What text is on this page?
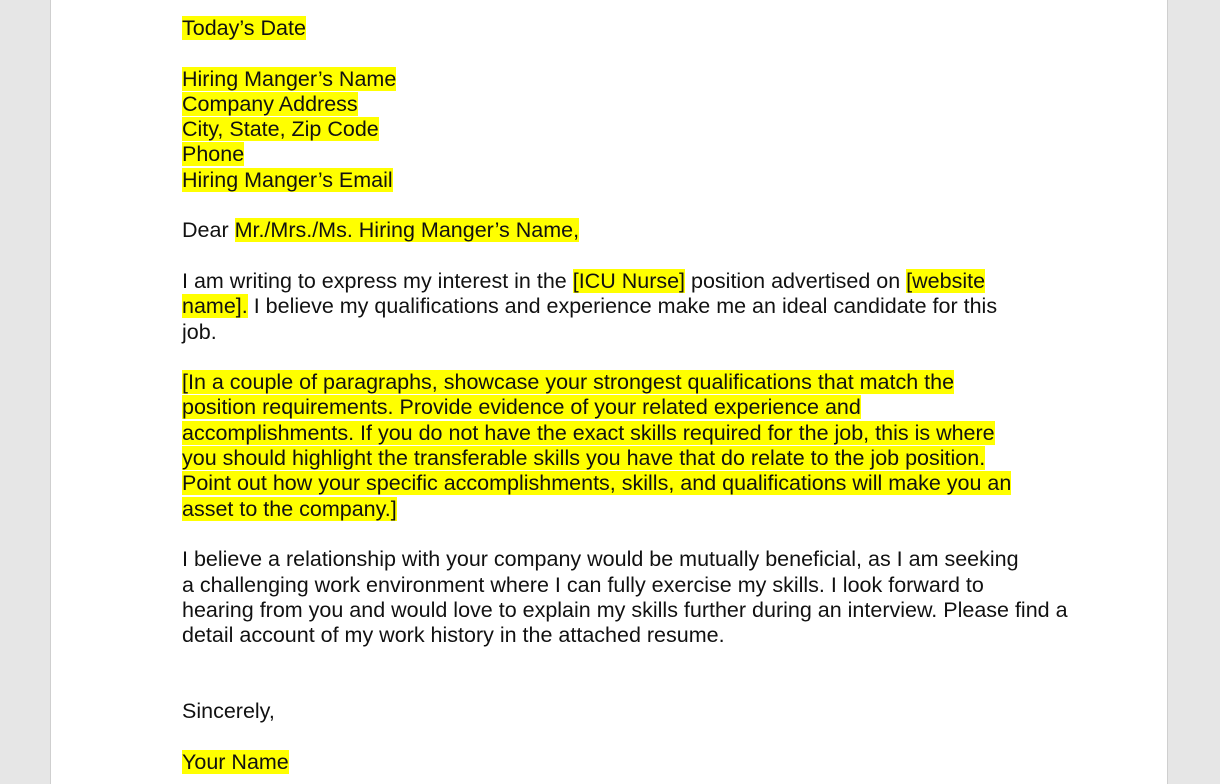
Today’s Date
Hiring Manger’s Name
Company Address
City, State, Zip Code
Phone
Hiring Manger’s Email
Dear Mr./Mrs./Ms. Hiring Manger’s Name,
I am writing to express my interest in the [ICU Nurse] position advertised on [website
name]. I believe my qualifications and experience make me an ideal candidate for this
job.
[In a couple of paragraphs, showcase your strongest qualifications that match the
position requirements. Provide evidence of your related experience and
accomplishments. If you do not have the exact skills required for the job, this is where
you should highlight the transferable skills you have that do relate to the job position.
Point out how your specific accomplishments, skills, and qualifications will make you an
asset to the company.]
I believe a relationship with your company would be mutually beneficial, as I am seeking
a challenging work environment where I can fully exercise my skills. I look forward to
hearing from you and would love to explain my skills further during an interview. Please find a
detail account of my work history in the attached resume.
Sincerely,
Your Name
